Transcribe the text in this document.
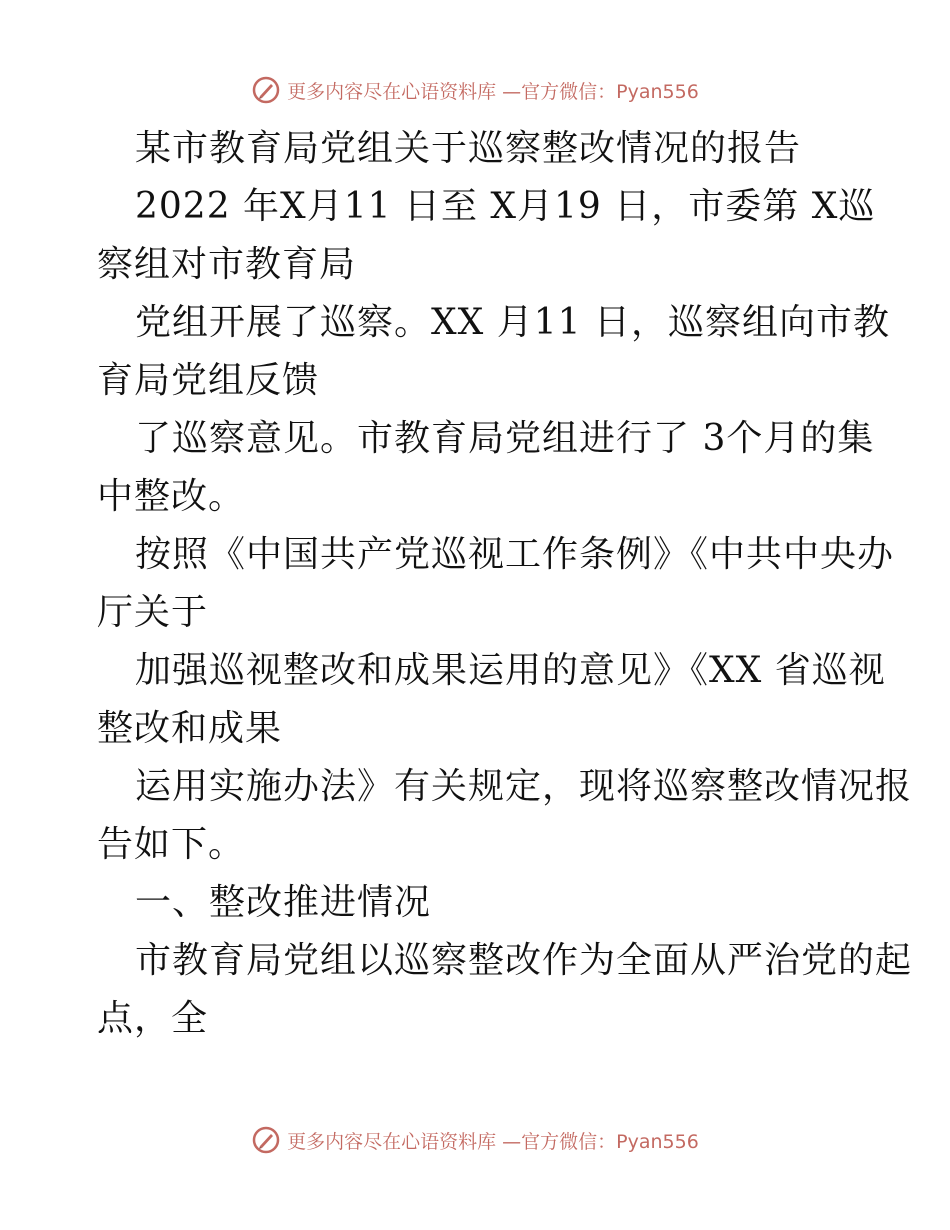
更多内容尽在心语资料库 —官方微信：Pyan556
某市教育局党组关于巡察整改情况的报告
2022 年X月11 日至 X月19 日，市委第 X巡
察组对市教育局
党组开展了巡察。XX 月11 日，巡察组向市教
育局党组反馈
了巡察意见。市教育局党组进行了 3个月的集
中整改。
按照《中国共产党巡视工作条例》《中共中央办
厅关于
加强巡视整改和成果运用的意见》《XX 省巡视
整改和成果
运用实施办法》有关规定，现将巡察整改情况报
告如下。
一、整改推进情况
市教育局党组以巡察整改作为全面从严治党的起
点，全
更多内容尽在心语资料库 —官方微信：Pyan556
